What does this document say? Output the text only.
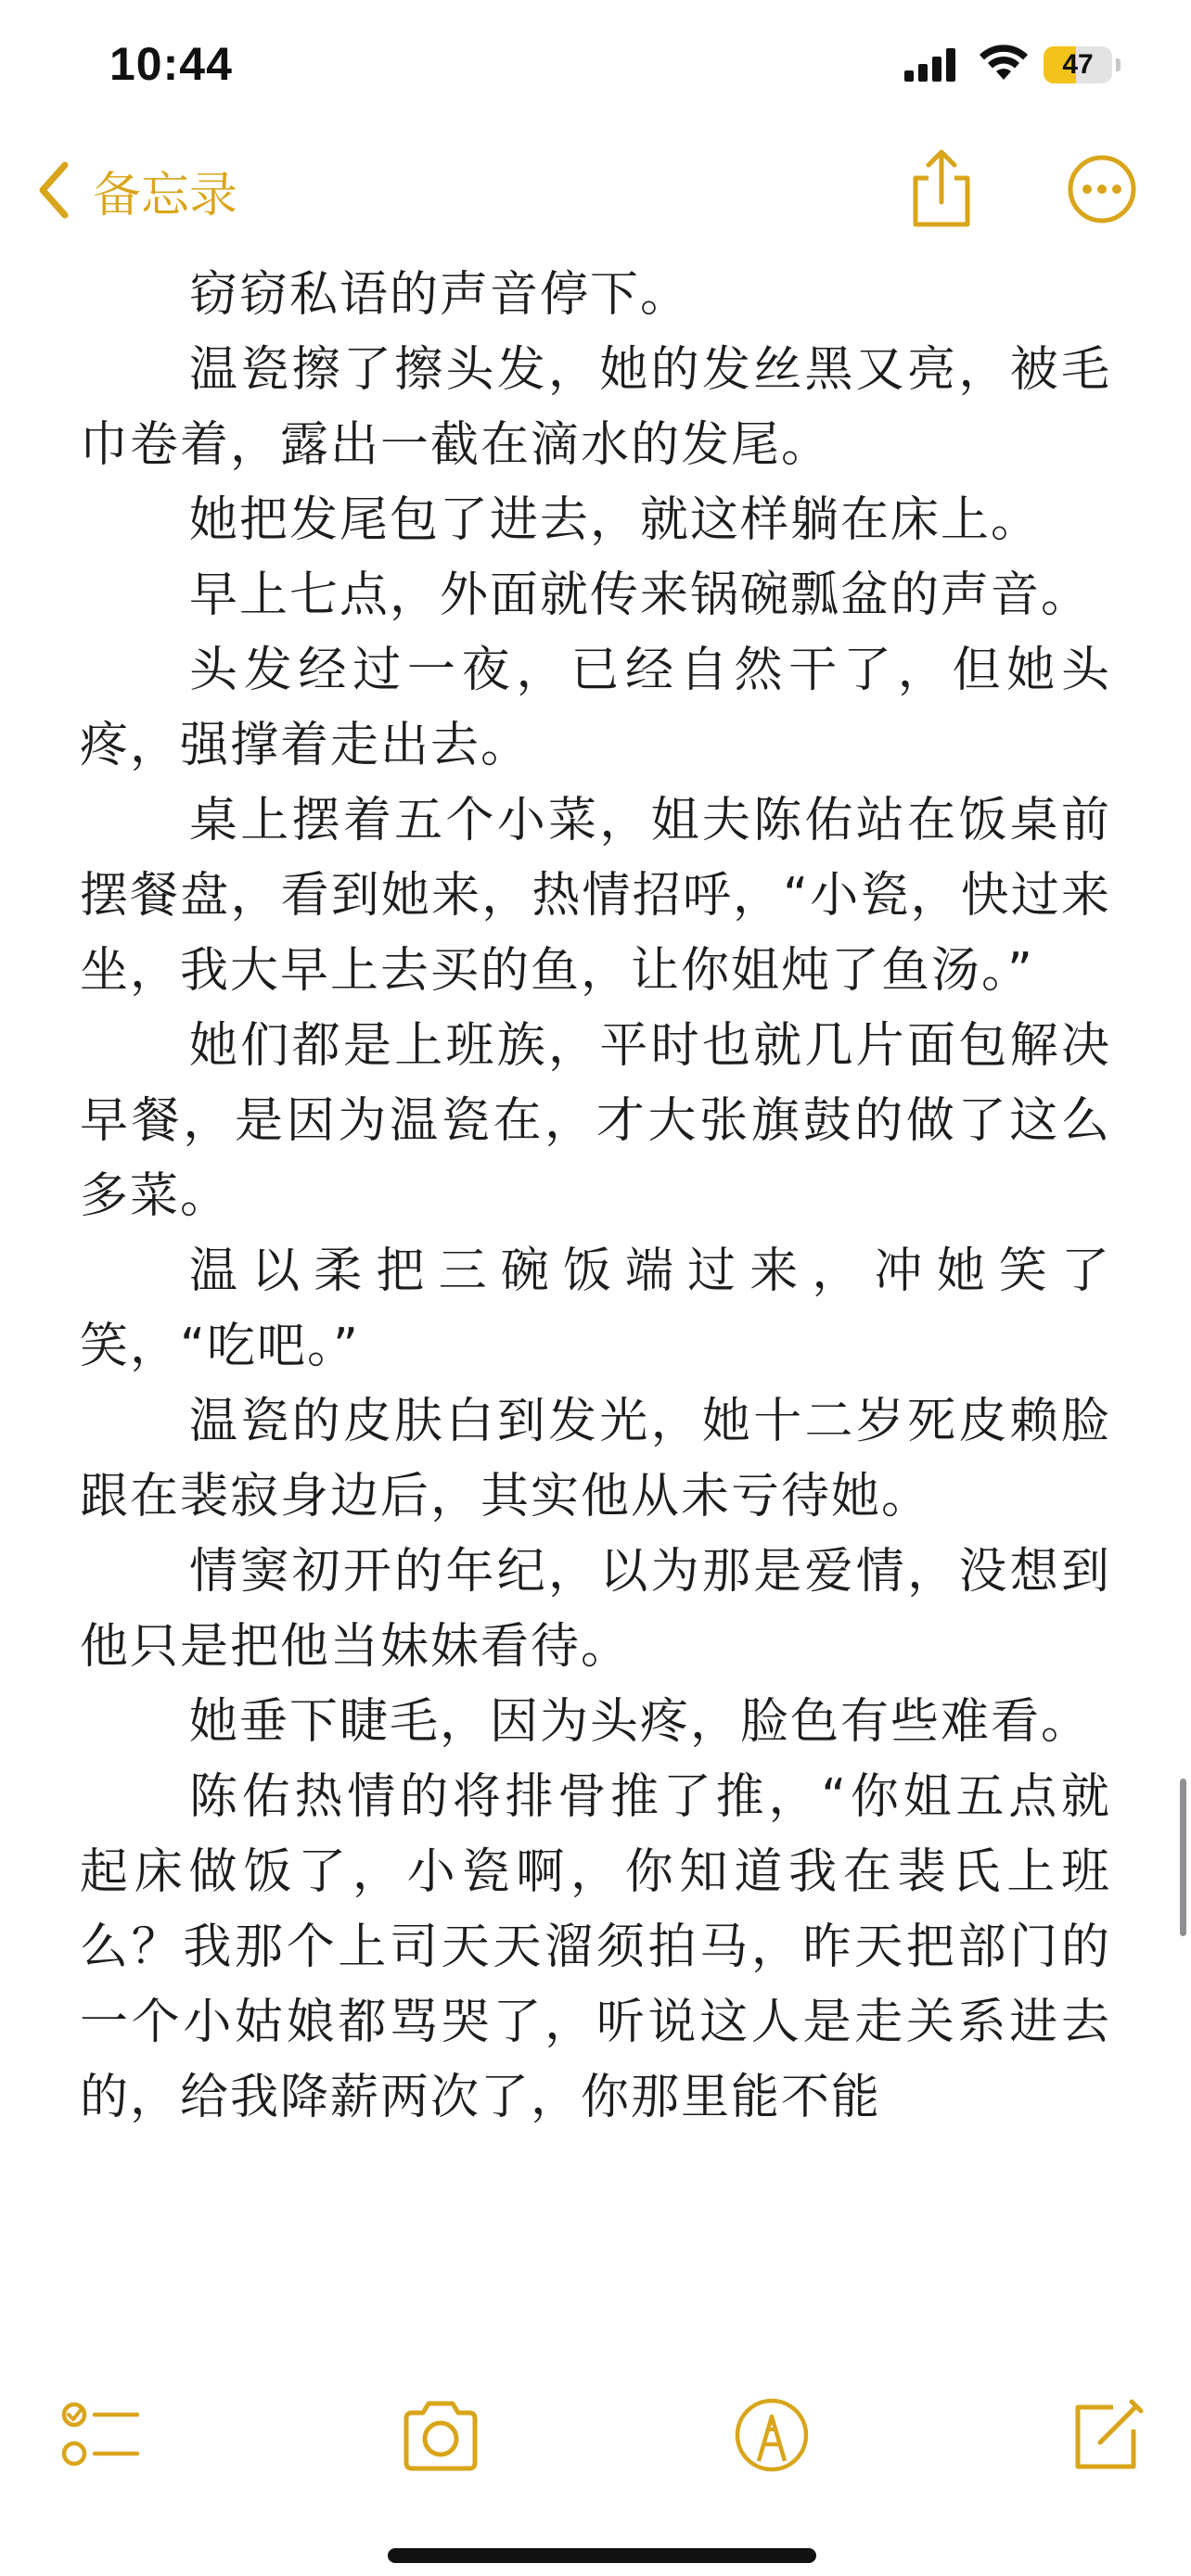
10:44	47
备忘录

窃窃私语的声音停下。

温瓷擦了擦头发，她的发丝黑又亮，被毛巾卷着，露出一截在滴水的发尾。

她把发尾包了进去，就这样躺在床上。

早上七点，外面就传来锅碗瓢盆的声音。

头发经过一夜，已经自然干了，但她头疼，强撑着走出去。

桌上摆着五个小菜，姐夫陈佑站在饭桌前摆餐盘，看到她来，热情招呼，“小瓷，快过来坐，我大早上去买的鱼，让你姐炖了鱼汤。”

她们都是上班族，平时也就几片面包解决早餐，是因为温瓷在，才大张旗鼓的做了这么多菜。

温以柔把三碗饭端过来，冲她笑了笑，“吃吧。”

温瓷的皮肤白到发光，她十二岁死皮赖脸跟在裴寂身边后，其实他从未亏待她。

情窦初开的年纪，以为那是爱情，没想到他只是把他当妹妹看待。

她垂下睫毛，因为头疼，脸色有些难看。

陈佑热情的将排骨推了推，“你姐五点就起床做饭了，小瓷啊，你知道我在裴氏上班么？我那个上司天天溜须拍马，昨天把部门的一个小姑娘都骂哭了，听说这人是走关系进去的，给我降薪两次了，你那里能不能
